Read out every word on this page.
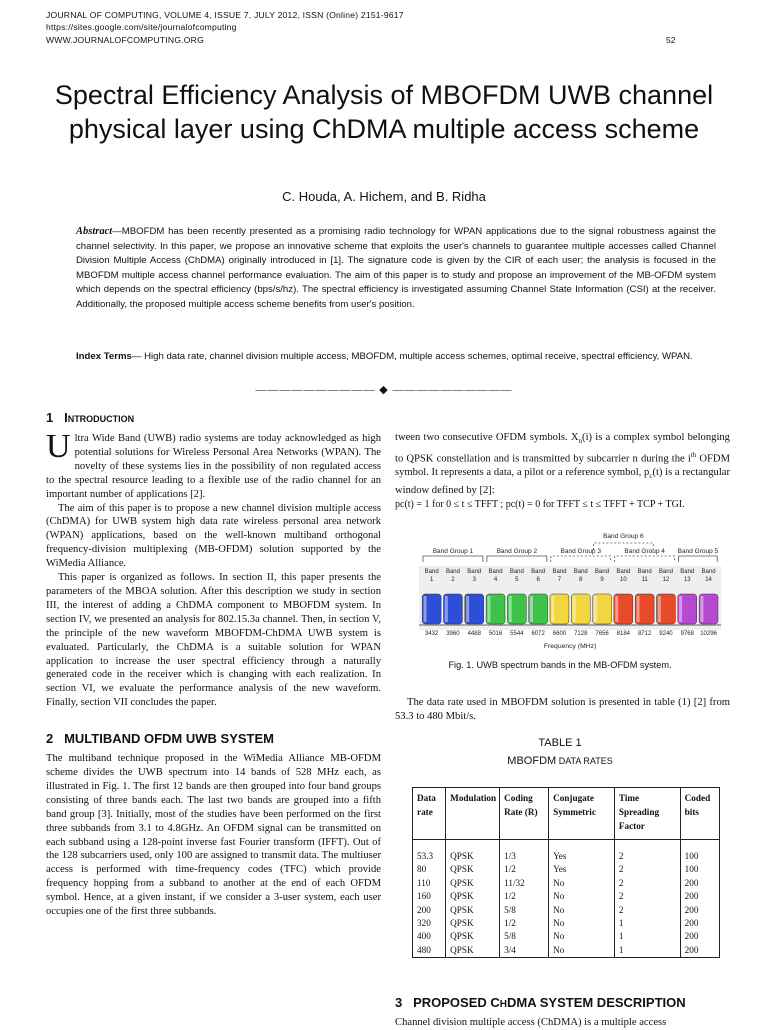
JOURNAL OF COMPUTING, VOLUME 4, ISSUE 7, JULY 2012, ISSN (Online) 2151-9617
https://sites.google.com/site/journalofcomputing
WWW.JOURNALOFCOMPUTING.ORG	52
Spectral Efficiency Analysis of MBOFDM UWB channel physical layer using ChDMA multiple access scheme
C. Houda, A. Hichem, and B. Ridha

Abstract—MBOFDM has been recently presented as a promising radio technology for WPAN applications due to the signal robustness against the channel selectivity. In this paper, we propose an innovative scheme that exploits the user's channels to guarantee multiple accesses called Channel Division Multiple Access (ChDMA) originally introduced in [1]. The signature code is given by the CIR of each user; the analysis is focused in the MBOFDM multiple access channel performance evaluation. The aim of this paper is to study and propose an improvement of the MB-OFDM system which depends on the spectral efficiency (bps/s/hz). The spectral efficiency is investigated assuming Channel State Information (CSI) at the receiver. Additionally, the proposed multiple access scheme benefits from user's position.

Index Terms— High data rate, channel division multiple access, MBOFDM, multiple access schemes, optimal receive, spectral efficiency, WPAN.

—————————— ◆ ——————————
1 Introduction

Ultra Wide Band (UWB) radio systems are today acknowledged as high potential solutions for Wireless Personal Area Networks (WPAN). The novelty of these systems lies in the possibility of non regulated access to the spectral resource leading to a flexible use of the radio channel for an important number of applications [2].

The aim of this paper is to propose a new channel division multiple access (ChDMA) for UWB system high data rate wireless personal area network (WPAN) applications, based on the well-known multiband orthogonal frequency-division multiplexing (MB-OFDM) solution supported by the WiMedia Alliance.

This paper is organized as follows. In section II, this paper presents the parameters of the MBOA solution. After this description we study in section III, the interest of adding a ChDMA component to MBOFDM system. In section IV, we presented an analysis for 802.15.3a channel. Then, in section V, the principle of the new waveform MBOFDM-ChDMA UWB system is evaluated. Particularly, the ChDMA is a suitable solution for WPAN application to increase the user spectral efficiency through a naturally generated code in the receiver which is changing with each realization. In section VI, we evaluate the performance analysis of the new waveform. Finally, section VII concludes the paper.

2 MULTIBAND OFDM UWB SYSTEM

The multiband technique proposed in the WiMedia Alliance MB-OFDM scheme divides the UWB spectrum into 14 bands of 528 MHz each, as illustrated in Fig. 1. The first 12 bands are then grouped into four band groups consisting of three bands each. The last two bands are grouped into a fifth band group [3]. Initially, most of the studies have been performed on the first three subbands from 3.1 to 4.8GHz. An OFDM signal can be transmitted on each subband using a 128-point inverse fast Fourier transform (IFFT). Out of the 128 subcarriers used, only 100 are assigned to transmit data. The multiuser access is performed with time-frequency codes (TFC) which provide frequency hopping from a subband to another at the end of each OFDM symbol. Hence, at a given instant, if we consider a 3-user system, each user occupies one of the first three subbands.

tween two consecutive OFDM symbols. $X_n(i)$ is a complex symbol belonging to QPSK constellation and is transmitted by subcarrier n during the $i^{th}$ OFDM symbol. It represents a data, a pilot or a reference symbol, $p_c(t)$ is a rectangular window defined by [2]:

pc(t) = 1 for 0 ≤ t ≤ TFFT ; pc(t) = 0 for TFFT ≤ t ≤ TFFT + TCP + TGI.

Band Group 6
Band Group 1	Band Group 2	Band Group 3	Band Group 4 Band Group 5
Band
1
Band
2
Band
3
Band
4
Band
5
Band
6
Band
7
Band
8
Band
9
Band
10
Band
11
Band
12
Band
13
Band
14
3432 3960 4488 5016 5544 6072 6600 7128 7656 8184 8712 9240 9768 10296
Frequency (MHz)
Fig. 1. UWB spectrum bands in the MB-OFDM system.

The data rate used in MBOFDM solution is presented in table (1) [2] from 53.3 to 480 Mbit/s.

TABLE 1
MBOFDM DATA RATES
Data rate	Modulation	Coding Rate (R)	Conjugate Symmetric	Time Spreading Factor	Coded bits

53.3	QPSK	1/3	Yes	2	100
80	QPSK	1/2	Yes	2	100
110	QPSK	11/32	No	2	200
160	QPSK	1/2	No	2	200
200	QPSK	5/8	No	2	200
320	QPSK	1/2	No	1	200
400	QPSK	5/8	No	1	200
480	QPSK	3/4	No	1	200
3 PROPOSED CHDMA SYSTEM DESCRIPTION
Channel division multiple access (ChDMA) is a multiple access
